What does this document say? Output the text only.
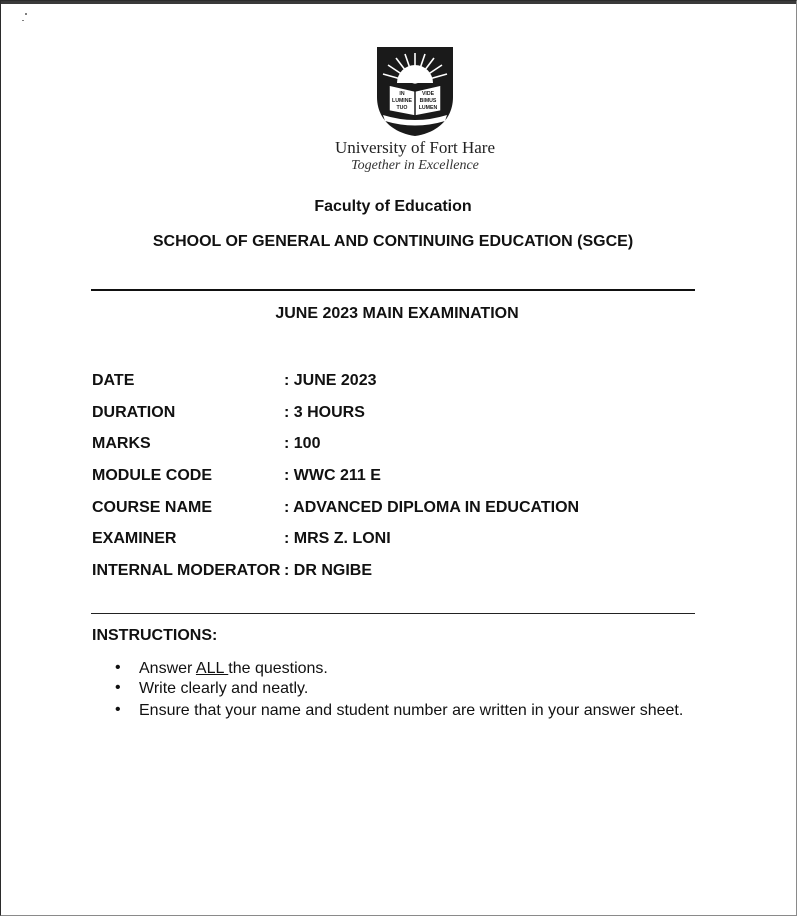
IN	VIDE
LUMINE BIMUS
TUO LUMEN
University of Fort Hare
Together in Excellence
Faculty of Education
SCHOOL OF GENERAL AND CONTINUING EDUCATION (SGCE)
JUNE 2023 MAIN EXAMINATION
DATE	: JUNE 2023
DURATION	: 3 HOURS
MARKS	: 100
MODULE CODE	: WWC 211 E
COURSE NAME	: ADVANCED DIPLOMA IN EDUCATION
EXAMINER	: MRS Z. LONI
INTERNAL MODERATOR : DR NGIBE
INSTRUCTIONS:
• Answer ALL the questions.
• Write clearly and neatly.
• Ensure that your name and student number are written in your answer sheet.
